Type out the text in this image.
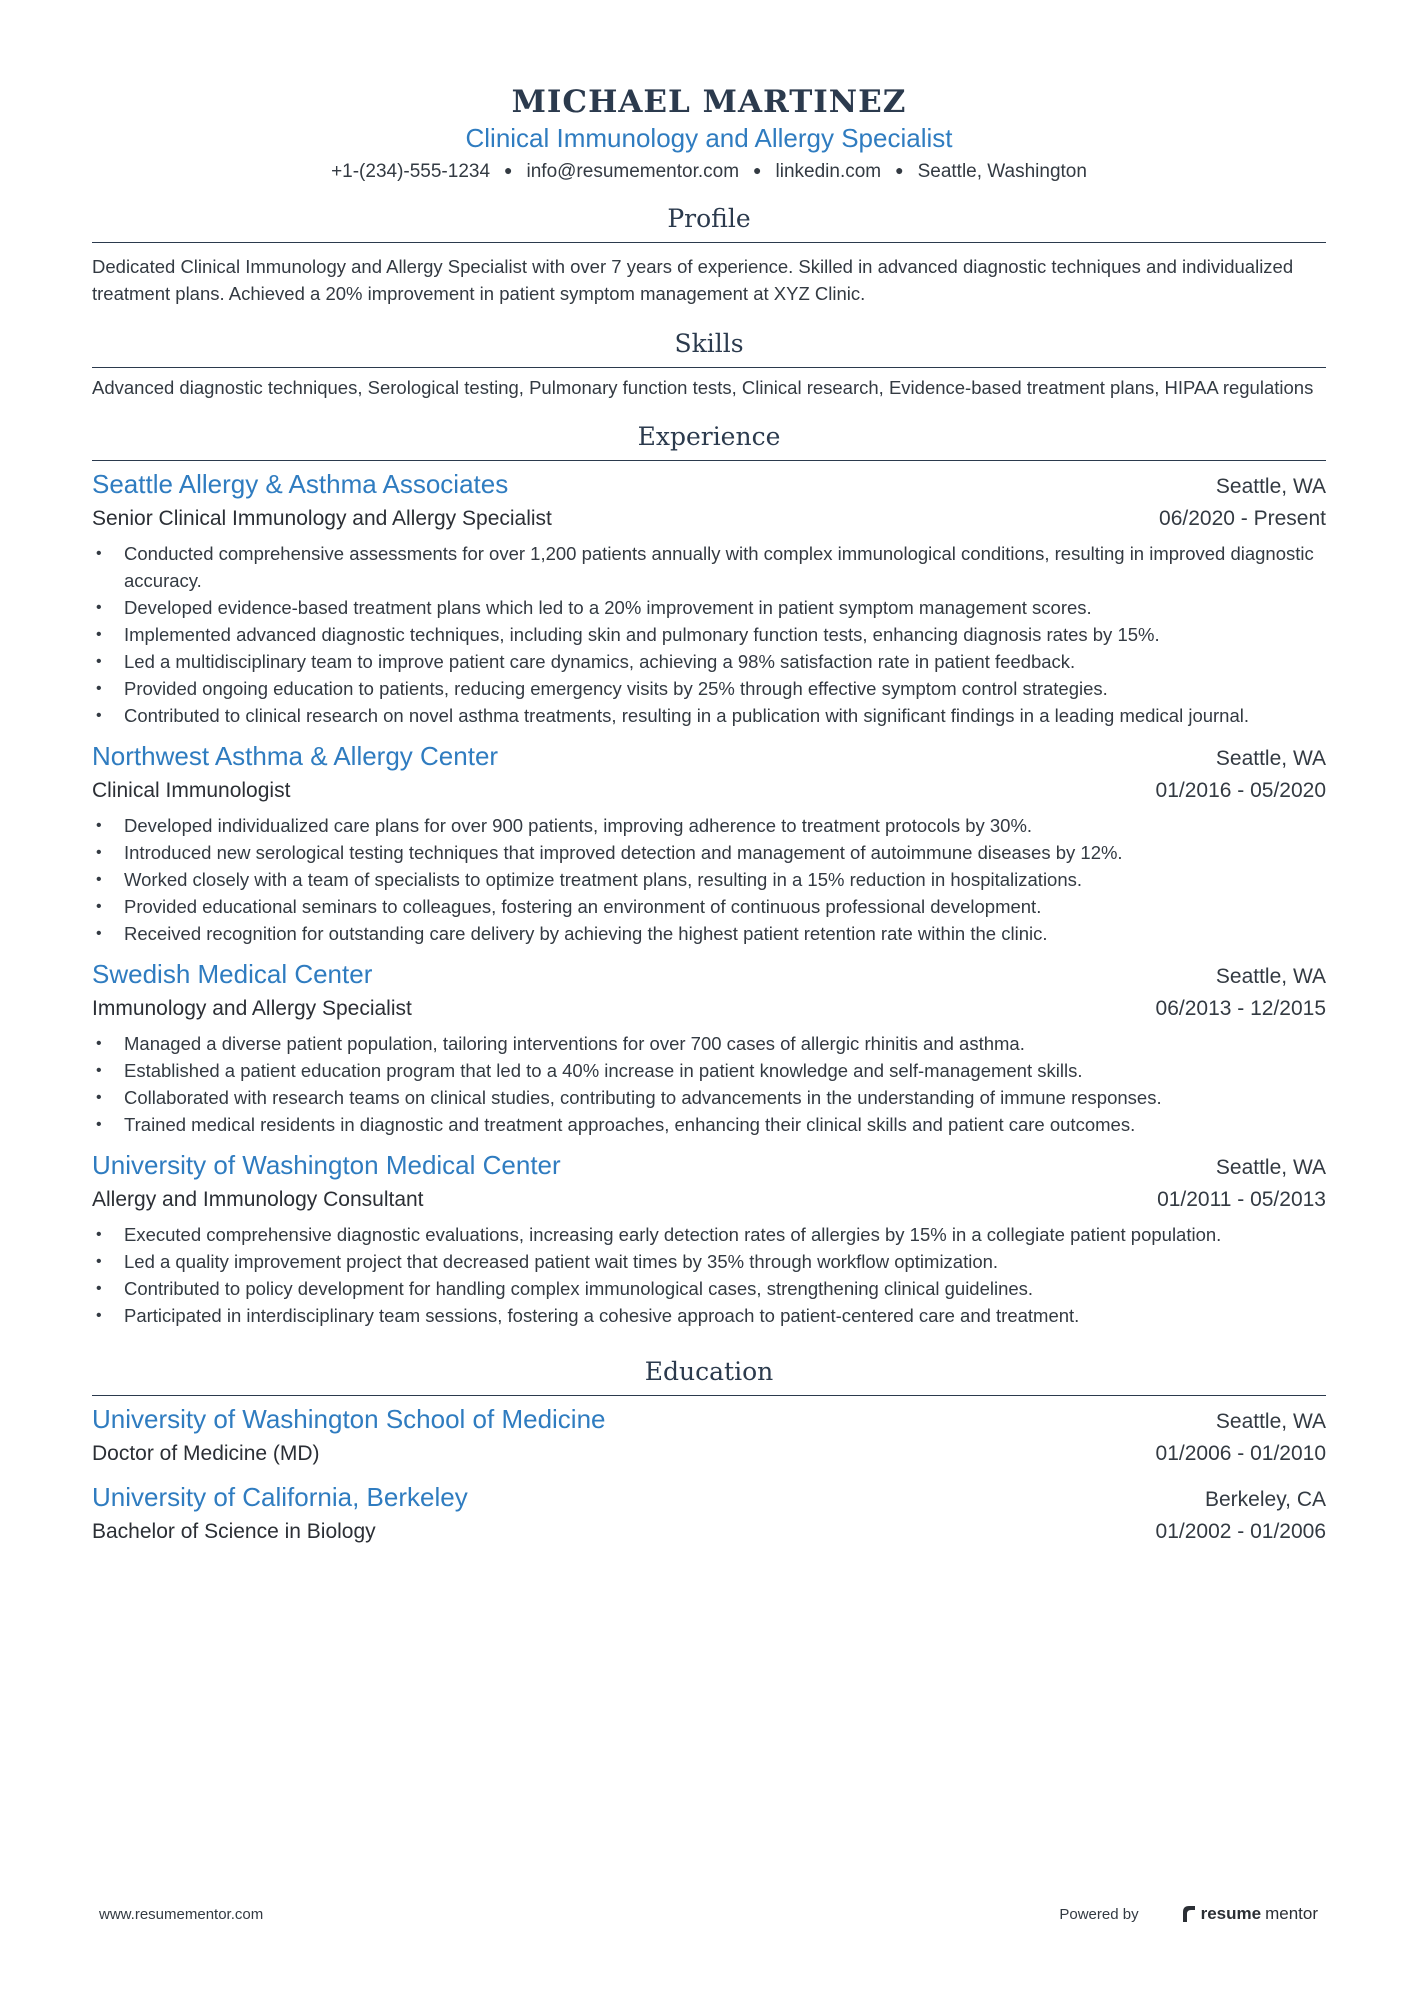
MICHAEL MARTINEZ
Clinical Immunology and Allergy Specialist
+1-(234)-555-1234 ● info@resumementor.com ● linkedin.com ● Seattle, Washington
Profile
Dedicated Clinical Immunology and Allergy Specialist with over 7 years of experience. Skilled in advanced diagnostic techniques and individualized treatment plans. Achieved a 20% improvement in patient symptom management at XYZ Clinic.
Skills
Advanced diagnostic techniques, Serological testing, Pulmonary function tests, Clinical research, Evidence-based treatment plans, HIPAA regulations
Experience
Seattle Allergy & Asthma Associates	Seattle, WA
Senior Clinical Immunology and Allergy Specialist	06/2020 - Present
• Conducted comprehensive assessments for over 1,200 patients annually with complex immunological conditions, resulting in improved diagnostic accuracy.
• Developed evidence-based treatment plans which led to a 20% improvement in patient symptom management scores.
• Implemented advanced diagnostic techniques, including skin and pulmonary function tests, enhancing diagnosis rates by 15%.
• Led a multidisciplinary team to improve patient care dynamics, achieving a 98% satisfaction rate in patient feedback.
• Provided ongoing education to patients, reducing emergency visits by 25% through effective symptom control strategies.
• Contributed to clinical research on novel asthma treatments, resulting in a publication with significant findings in a leading medical journal.
Northwest Asthma & Allergy Center	Seattle, WA
Clinical Immunologist	01/2016 - 05/2020
• Developed individualized care plans for over 900 patients, improving adherence to treatment protocols by 30%.
• Introduced new serological testing techniques that improved detection and management of autoimmune diseases by 12%.
• Worked closely with a team of specialists to optimize treatment plans, resulting in a 15% reduction in hospitalizations.
• Provided educational seminars to colleagues, fostering an environment of continuous professional development.
• Received recognition for outstanding care delivery by achieving the highest patient retention rate within the clinic.
Swedish Medical Center	Seattle, WA
Immunology and Allergy Specialist	06/2013 - 12/2015
• Managed a diverse patient population, tailoring interventions for over 700 cases of allergic rhinitis and asthma.
• Established a patient education program that led to a 40% increase in patient knowledge and self-management skills.
• Collaborated with research teams on clinical studies, contributing to advancements in the understanding of immune responses.
• Trained medical residents in diagnostic and treatment approaches, enhancing their clinical skills and patient care outcomes.
University of Washington Medical Center	Seattle, WA
Allergy and Immunology Consultant	01/2011 - 05/2013
• Executed comprehensive diagnostic evaluations, increasing early detection rates of allergies by 15% in a collegiate patient population.
• Led a quality improvement project that decreased patient wait times by 35% through workflow optimization.
• Contributed to policy development for handling complex immunological cases, strengthening clinical guidelines.
• Participated in interdisciplinary team sessions, fostering a cohesive approach to patient-centered care and treatment.
Education
University of Washington School of Medicine	Seattle, WA
Doctor of Medicine (MD)	01/2006 - 01/2010
University of California, Berkeley	Berkeley, CA
Bachelor of Science in Biology	01/2002 - 01/2006
www.resumementor.com	Powered by	resume mentor
